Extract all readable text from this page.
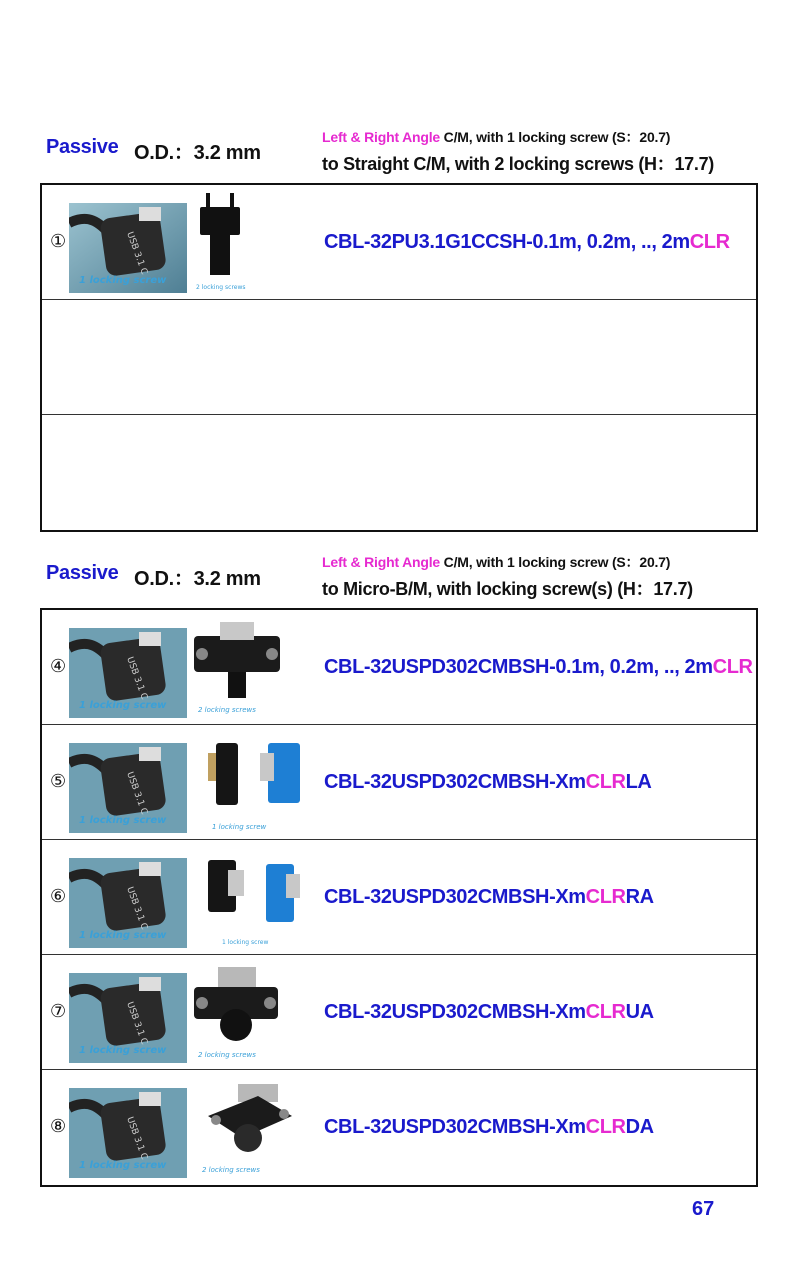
Passive O.D.：3.2 mm
Left & Right Angle C/M, with 1 locking screw (S：20.7)
to Straight C/M, with 2 locking screws (H：17.7)
①	USB 3.1 C
1 locking screw
2 locking screws
CBL-32PU3.1G1CCSH-0.1m, 0.2m, .., 2mCLR
Passive O.D.：3.2 mm
Left & Right Angle C/M, with 1 locking screw (S：20.7)
to Micro-B/M, with locking screw(s) (H：17.7)
④	USB 3.1 C
1 locking screw	2 locking screws
CBL-32USPD302CMBSH-0.1m, 0.2m, .., 2mCLR
⑤	USB 3.1 C
1 locking screw
1 locking screw
CBL-32USPD302CMBSH-XmCLRLA
⑥	USB 3.1 C
1 locking screw
1 locking screw
CBL-32USPD302CMBSH-XmCLRRA
⑦	USB 3.1 C
1 locking screw	2 locking screws
CBL-32USPD302CMBSH-XmCLRUA
⑧	USB 3.1 C
1 locking screw	2 locking screws
CBL-32USPD302CMBSH-XmCLRDA
67
